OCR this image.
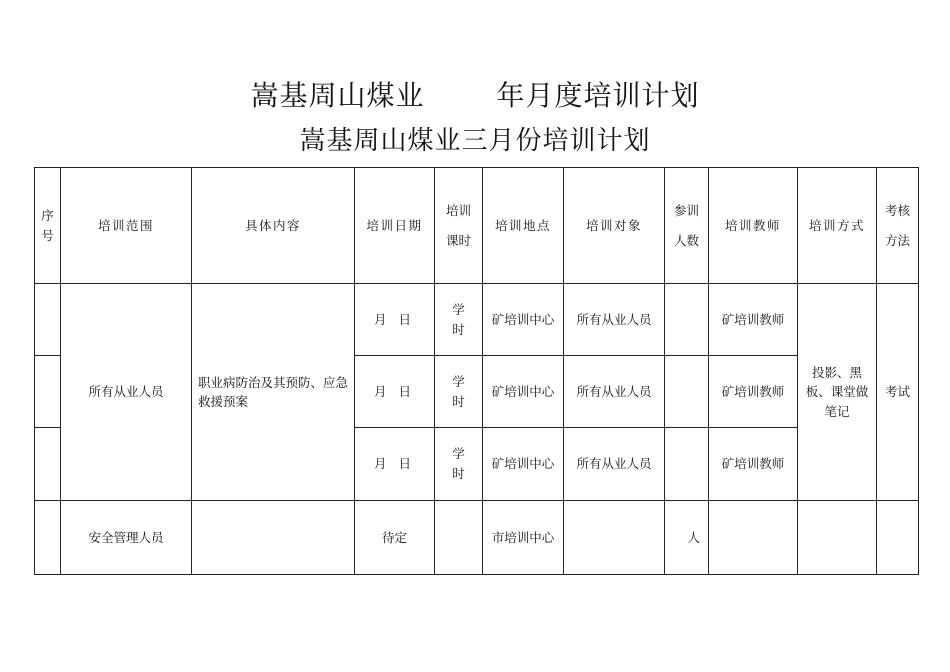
嵩基周山煤业	年月度培训计划
嵩基周山煤业三月份培训计划
序号	培训范围	具体内容	培训日期	培训课时	培训地点	培训对象	参训人数	培训教师	培训方式	考核方法
	所有从业人员	职业病防治及其预防、应急救援预案	月 日	学时	矿培训中心	所有从业人员		矿培训教师	投影、黑板、课堂做笔记	考试
			月 日	学时	矿培训中心	所有从业人员		矿培训教师		
			月 日	学时	矿培训中心	所有从业人员		矿培训教师		
	安全管理人员		待定		市培训中心		人			
